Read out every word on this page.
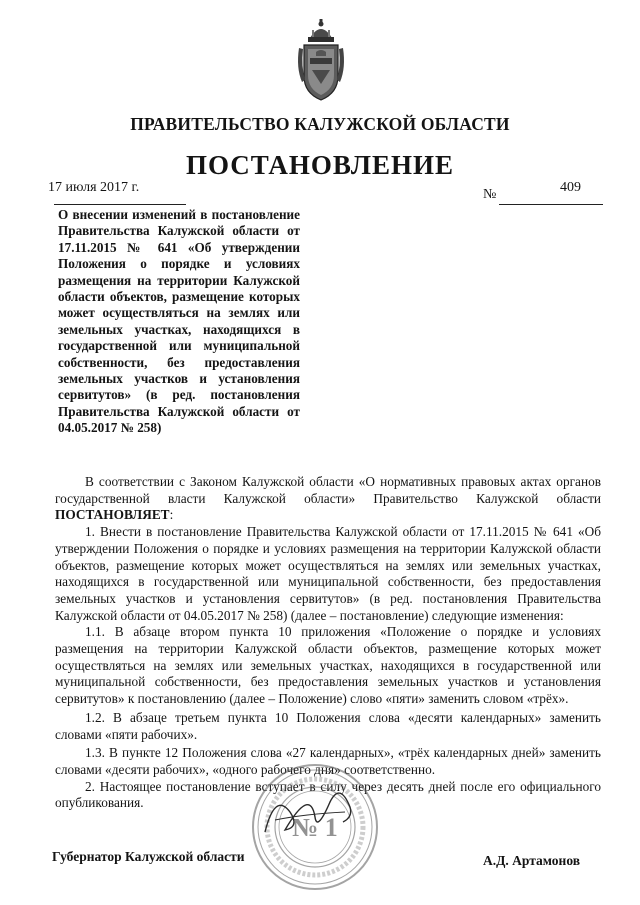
ПРАВИТЕЛЬСТВО КАЛУЖСКОЙ ОБЛАСТИ
ПОСТАНОВЛЕНИЕ
17 июля 2017 г.	№	409
О внесении изменений в постановление Правительства Калужской области от 17.11.2015 № 641 «Об утверждении Положения о порядке и условиях размещения на территории Калужской области объектов, размещение которых может осуществляться на землях или земельных участках, находящихся в государственной или муниципальной собственности, без предоставления земельных участков и установления сервитутов» (в ред. постановления Правительства Калужской области от 04.05.2017 № 258)

В соответствии с Законом Калужской области «О нормативных правовых актах органов государственной власти Калужской области» Правительство Калужской области ПОСТАНОВЛЯЕТ:

1. Внести в постановление Правительства Калужской области от 17.11.2015 № 641 «Об утверждении Положения о порядке и условиях размещения на территории Калужской области объектов, размещение которых может осуществляться на землях или земельных участках, находящихся в государственной или муниципальной собственности, без предоставления земельных участков и установления сервитутов» (в ред. постановления Правительства Калужской области от 04.05.2017 № 258) (далее – постановление) следующие изменения:

1.1. В абзаце втором пункта 10 приложения «Положение о порядке и условиях размещения на территории Калужской области объектов, размещение которых может осуществляться на землях или земельных участках, находящихся в государственной или муниципальной собственности, без предоставления земельных участков и установления сервитутов» к постановлению (далее – Положение) слово «пяти» заменить словом «трёх».

1.2. В абзаце третьем пункта 10 Положения слова «десяти календарных» заменить словами «пяти рабочих».

1.3. В пункте 12 Положения слова «27 календарных», «трёх календарных дней» заменить словами «десяти рабочих», «одного рабочего дня» соответственно.

2. Настоящее постановление вступает в силу через десять дней после его официального опубликования.

Губернатор Калужской области	А.Д. Артамонов
№ 1
